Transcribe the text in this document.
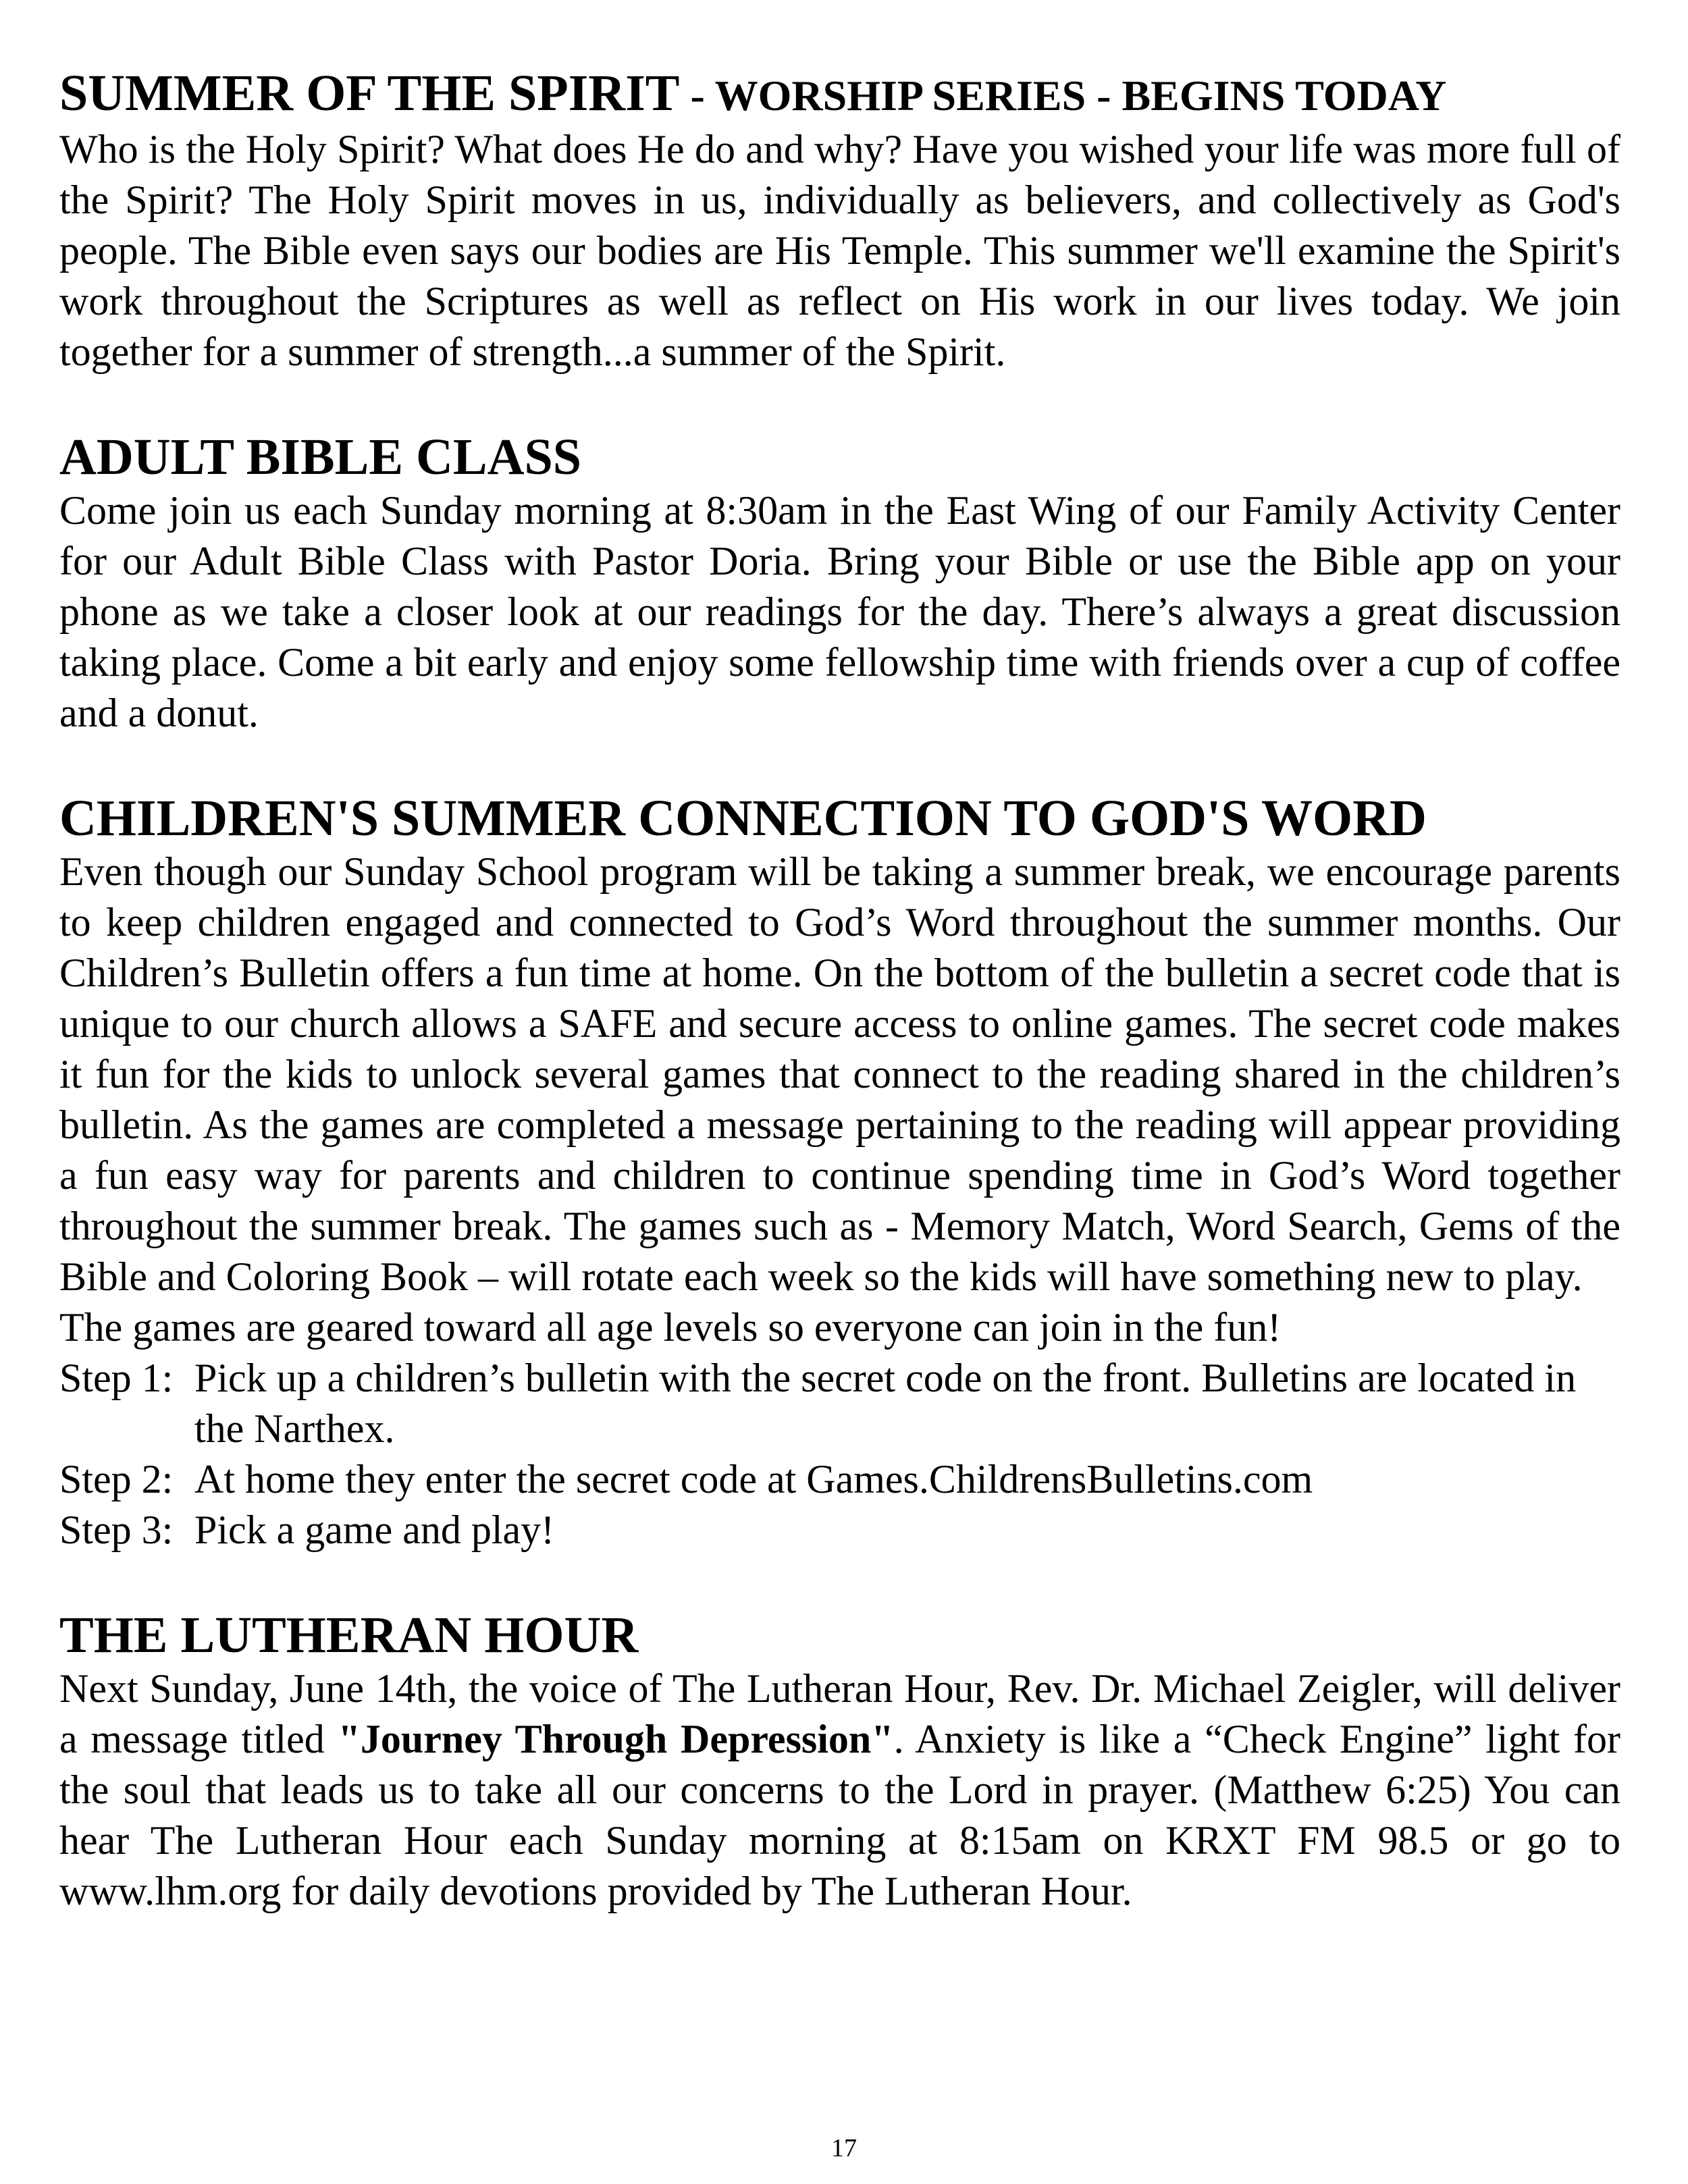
SUMMER OF THE SPIRIT - WORSHIP SERIES - BEGINS TODAY

Who is the Holy Spirit? What does He do and why? Have you wished your life was more full of the Spirit? The Holy Spirit moves in us, individually as believers, and collectively as God's people. The Bible even says our bodies are His Temple. This summer we'll examine the Spirit's work throughout the Scriptures as well as reflect on His work in our lives today. We join together for a summer of strength...a summer of the Spirit.

ADULT BIBLE CLASS

Come join us each Sunday morning at 8:30am in the East Wing of our Family Activity Center for our Adult Bible Class with Pastor Doria. Bring your Bible or use the Bible app on your phone as we take a closer look at our readings for the day. There’s always a great discussion taking place. Come a bit early and enjoy some fellowship time with friends over a cup of coffee and a donut.

CHILDREN'S SUMMER CONNECTION TO GOD'S WORD

Even though our Sunday School program will be taking a summer break, we encourage parents to keep children engaged and connected to God’s Word throughout the summer months. Our Children’s Bulletin offers a fun time at home. On the bottom of the bulletin a secret code that is unique to our church allows a SAFE and secure access to online games. The secret code makes it fun for the kids to unlock several games that connect to the reading shared in the children’s bulletin. As the games are completed a message pertaining to the reading will appear providing a fun easy way for parents and children to continue spending time in God’s Word together throughout the summer break. The games such as - Memory Match, Word Search, Gems of the Bible and Coloring Book – will rotate each week so the kids will have something new to play.

The games are geared toward all age levels so everyone can join in the fun!

Step 1: Pick up a children’s bulletin with the secret code on the front. Bulletins are located in the Narthex.
Step 2: At home they enter the secret code at Games.ChildrensBulletins.com
Step 3: Pick a game and play!
THE LUTHERAN HOUR

Next Sunday, June 14th, the voice of The Lutheran Hour, Rev. Dr. Michael Zeigler, will deliver a message titled "Journey Through Depression". Anxiety is like a “Check Engine” light for the soul that leads us to take all our concerns to the Lord in prayer. (Matthew 6:25) You can hear The Lutheran Hour each Sunday morning at 8:15am on KRXT FM 98.5 or go to www.lhm.org for daily devotions provided by The Lutheran Hour.

17
